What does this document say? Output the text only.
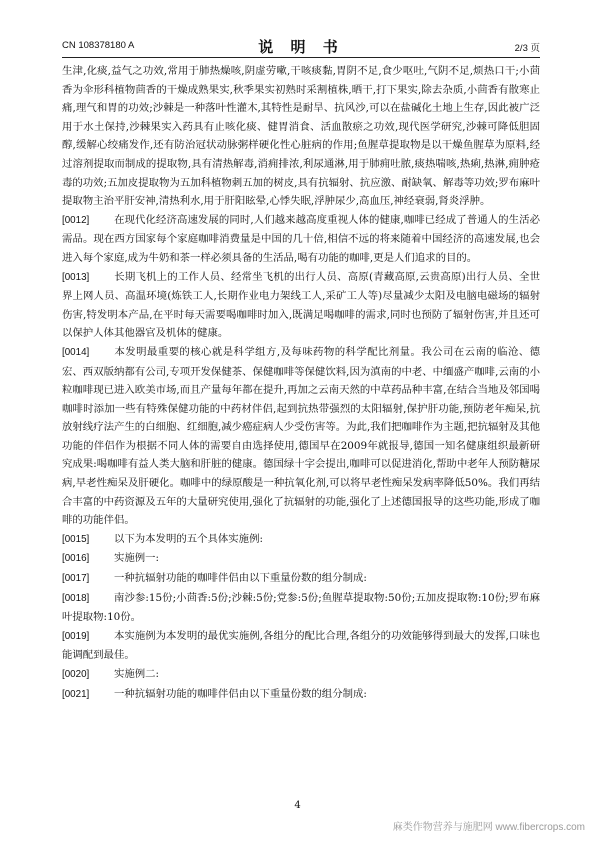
CN 108378180 A	说 明 书	2/3 页

生津,化痰,益气之功效,常用于肺热燥咳,阴虚劳嗽,干咳痰黏,胃阴不足,食少呕吐,气阴不足,烦热口干;小茴香为伞形科植物茴香的干燥成熟果实,秋季果实初熟时采割植株,晒干,打下果实,除去杂质,小茴香有散寒止痛,理气和胃的功效;沙棘是一种落叶性灌木,其特性是耐旱、抗风沙,可以在盐碱化土地上生存,因此被广泛用于水土保持,沙棘果实入药具有止咳化痰、健胃消食、活血散瘀之功效,现代医学研究,沙棘可降低胆固醇,缓解心绞痛发作,还有防治冠状动脉粥样硬化性心脏病的作用;鱼腥草提取物是以干燥鱼腥草为原料,经过溶剂提取而制成的提取物,具有清热解毒,消痈排浓,利尿通淋,用于肺痈吐脓,痰热喘咳,热痢,热淋,痈肿疮毒的功效;五加皮提取物为五加科植物刺五加的树皮,具有抗辐射、抗应激、耐缺氧、解毒等功效;罗布麻叶提取物主治平肝安神,清热利水,用于肝阳眩晕,心悸失眠,浮肿尿少,高血压,神经衰弱,肾炎浮肿。

[0012] 在现代化经济高速发展的同时,人们越来越高度重视人体的健康,咖啡已经成了普通人的生活必需品。现在西方国家每个家庭咖啡消费量是中国的几十倍,相信不远的将来随着中国经济的高速发展,也会进入每个家庭,成为牛奶和茶一样必须具备的生活品,喝有功能的咖啡,更是人们追求的目的。

[0013] 长期飞机上的工作人员、经常坐飞机的出行人员、高原(青藏高原,云贵高原)出行人员、全世界上网人员、高温环境(炼铁工人,长期作业电力架线工人,采矿工人等)尽量减少太阳及电脑电磁场的辐射伤害,特发明本产品,在平时每天需要喝咖啡时加入,既满足喝咖啡的需求,同时也预防了辐射伤害,并且还可以保护人体其他器官及机体的健康。

[0014] 本发明最重要的核心就是科学组方,及每味药物的科学配比剂量。我公司在云南的临沧、德宏、西双版纳都有公司,专项开发保健茶、保健咖啡等保健饮料,因为滇南的中老、中缅盛产咖啡,云南的小粒咖啡现已进入欧美市场,而且产量每年都在提升,再加之云南天然的中草药品种丰富,在结合当地及邻国喝咖啡时添加一些有特殊保健功能的中药材伴侣,起到抗热带强烈的太阳辐射,保护肝功能,预防老年痴呆,抗放射线疗法产生的白细胞、红细胞,减少癌症病人少受伤害等。为此,我们把咖啡作为主题,把抗辐射及其他功能的伴侣作为根据不同人体的需要自由选择使用,德国早在2009年就报导,德国一知名健康组织最新研究成果:喝咖啡有益人类大脑和肝脏的健康。德国绿十字会提出,咖啡可以促进消化,帮助中老年人预防糖尿病,早老性痴呆及肝硬化。咖啡中的绿原酸是一种抗氧化剂,可以将早老性痴呆发病率降低50%。我们再结合丰富的中药资源及五年的大量研究使用,强化了抗辐射的功能,强化了上述德国报导的这些功能,形成了咖啡的功能伴侣。

[0015] 以下为本发明的五个具体实施例:

[0016] 实施例一:

[0017] 一种抗辐射功能的咖啡伴侣由以下重量份数的组分制成:

[0018] 南沙参:15份;小茴香:5份;沙棘:5份;党参:5份;鱼腥草提取物:50份;五加皮提取物:10份;罗布麻叶提取物:10份。

[0019] 本实施例为本发明的最优实施例,各组分的配比合理,各组分的功效能够得到最大的发挥,口味也能调配到最佳。

[0020] 实施例二:

[0021] 一种抗辐射功能的咖啡伴侣由以下重量份数的组分制成:

4
麻类作物营养与施肥网 www.fibercrops.com
